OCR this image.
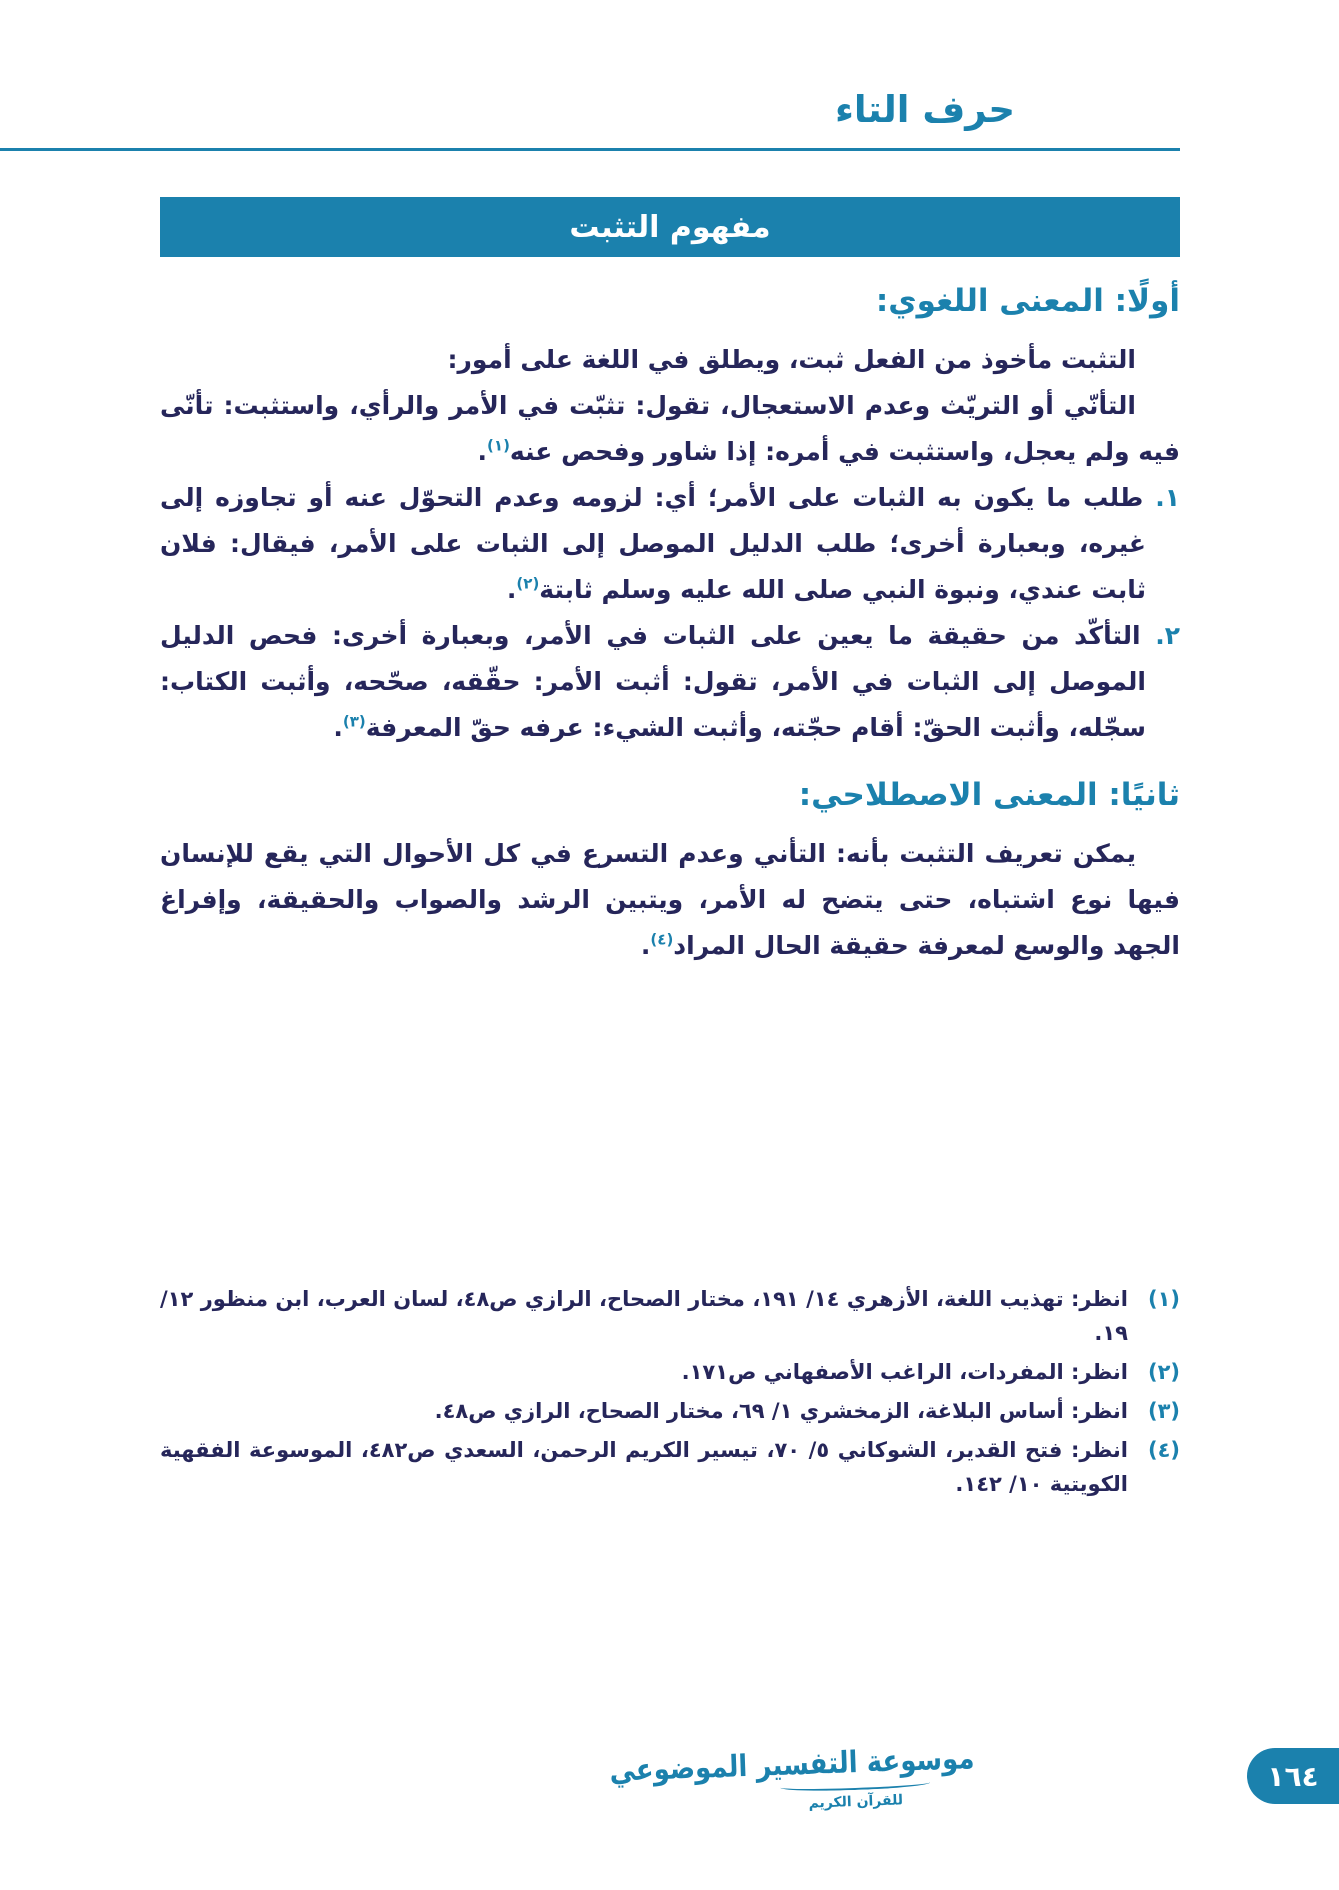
حرف التاء
مفهوم التثبت
أولًا: المعنى اللغوي:

التثبت مأخوذ من الفعل ثبت، ويطلق في اللغة على أمور:

التأنّي أو التريّث وعدم الاستعجال، تقول: تثبّت في الأمر والرأي، واستثبت: تأنّى فيه ولم يعجل، واستثبت في أمره: إذا شاور وفحص عنه$^{(١)}$.

١. طلب ما يكون به الثبات على الأمر؛ أي: لزومه وعدم التحوّل عنه أو تجاوزه إلى غيره، وبعبارة أخرى؛ طلب الدليل الموصل إلى الثبات على الأمر، فيقال: فلان ثابت عندي، ونبوة النبي صلى الله عليه وسلم ثابتة$^{(٢)}$.

٢. التأكّد من حقيقة ما يعين على الثبات في الأمر، وبعبارة أخرى: فحص الدليل الموصل إلى الثبات في الأمر، تقول: أثبت الأمر: حقّقه، صحّحه، وأثبت الكتاب: سجّله، وأثبت الحقّ: أقام حجّته، وأثبت الشيء: عرفه حقّ المعرفة$^{(٣)}$.

ثانيًا: المعنى الاصطلاحي:

يمكن تعريف التثبت بأنه: التأني وعدم التسرع في كل الأحوال التي يقع للإنسان فيها نوع اشتباه، حتى يتضح له الأمر، ويتبين الرشد والصواب والحقيقة، وإفراغ الجهد والوسع لمعرفة حقيقة الحال المراد$^{(٤)}$.

(١)
انظر: تهذيب اللغة، الأزهري ١٤/ ١٩١، مختار الصحاح، الرازي ص٤٨، لسان العرب، ابن منظور ١٢/ ١٩.
(٢)
انظر: المفردات، الراغب الأصفهاني ص١٧١.
(٣)
انظر: أساس البلاغة، الزمخشري ١/ ٦٩، مختار الصحاح، الرازي ص٤٨.
(٤)
انظر: فتح القدير، الشوكاني ٥/ ٧٠، تيسير الكريم الرحمن، السعدي ص٤٨٢، الموسوعة الفقهية الكويتية ١٠/ ١٤٢.
موسوعة التفسير الموضوعي
للقرآن الكريم
١٦٤
